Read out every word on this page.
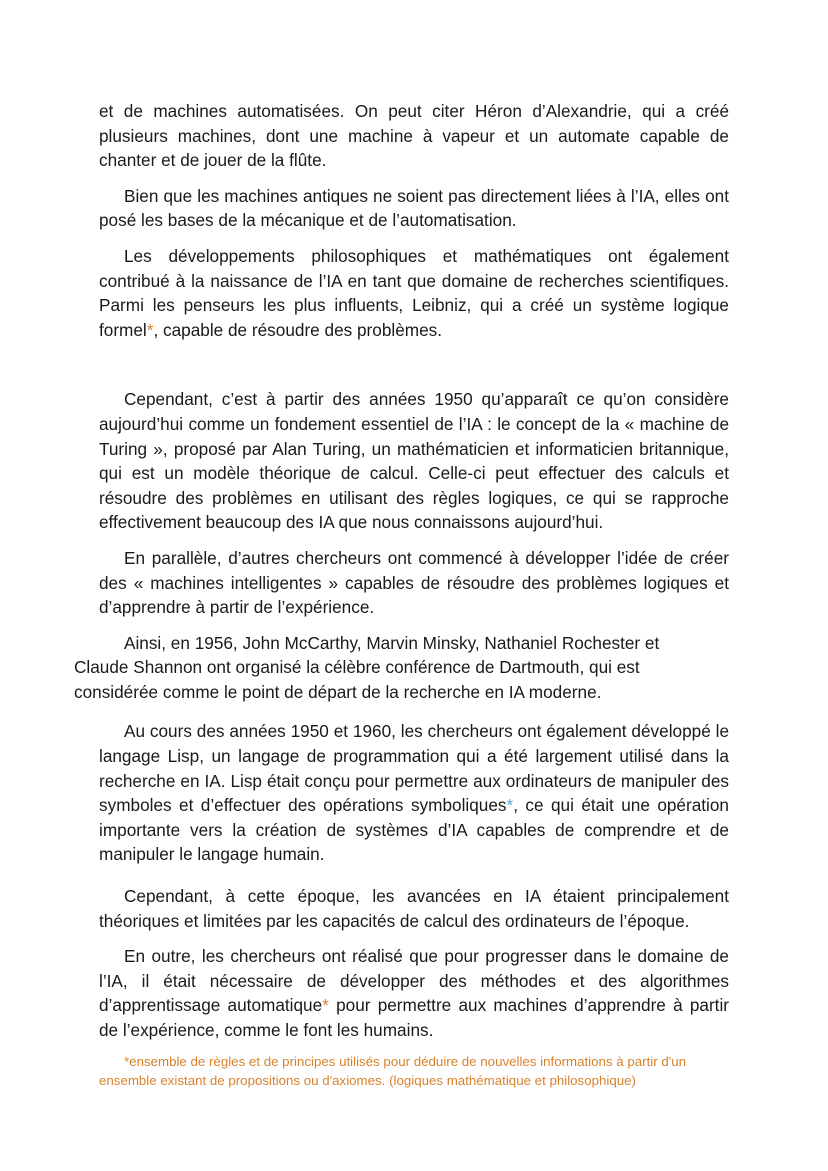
et de machines automatisées. On peut citer Héron d’Alexandrie, qui a créé plusieurs machines, dont une machine à vapeur et un automate capable de chanter et de jouer de la flûte.

Bien que les machines antiques ne soient pas directement liées à l’IA, elles ont posé les bases de la mécanique et de l’automatisation.

Les développements philosophiques et mathématiques ont également contribué à la naissance de l’IA en tant que domaine de recherches scientifiques. Parmi les penseurs les plus influents, Leibniz, qui a créé un système logique formel*, capable de résoudre des problèmes.

Cependant, c’est à partir des années 1950 qu’apparaît ce qu’on considère aujourd’hui comme un fondement essentiel de l’IA : le concept de la « machine de Turing », proposé par Alan Turing, un mathématicien et informaticien britannique, qui est un modèle théorique de calcul. Celle-ci peut effectuer des calculs et résoudre des problèmes en utilisant des règles logiques, ce qui se rapproche effectivement beaucoup des IA que nous connaissons aujourd’hui.

En parallèle, d’autres chercheurs ont commencé à développer l’idée de créer des « machines intelligentes » capables de résoudre des problèmes logiques et d’apprendre à partir de l’expérience.

Ainsi, en 1956, John McCarthy, Marvin Minsky, Nathaniel Rochester et
Claude Shannon ont organisé la célèbre conférence de Dartmouth, qui est
considérée comme le point de départ de la recherche en IA moderne.

Au cours des années 1950 et 1960, les chercheurs ont également développé le langage Lisp, un langage de programmation qui a été largement utilisé dans la recherche en IA. Lisp était conçu pour permettre aux ordinateurs de manipuler des symboles et d’effectuer des opérations symboliques*, ce qui était une opération importante vers la création de systèmes d’IA capables de comprendre et de manipuler le langage humain.

Cependant, à cette époque, les avancées en IA étaient principalement théoriques et limitées par les capacités de calcul des ordinateurs de l’époque.

En outre, les chercheurs ont réalisé que pour progresser dans le domaine de l’IA, il était nécessaire de développer des méthodes et des algorithmes d’apprentissage automatique* pour permettre aux machines d’apprendre à partir de l’expérience, comme le font les humains.

*ensemble de règles et de principes utilisés pour déduire de nouvelles informations à partir d'un ensemble existant de propositions ou d'axiomes. (logiques mathématique et philosophique)
